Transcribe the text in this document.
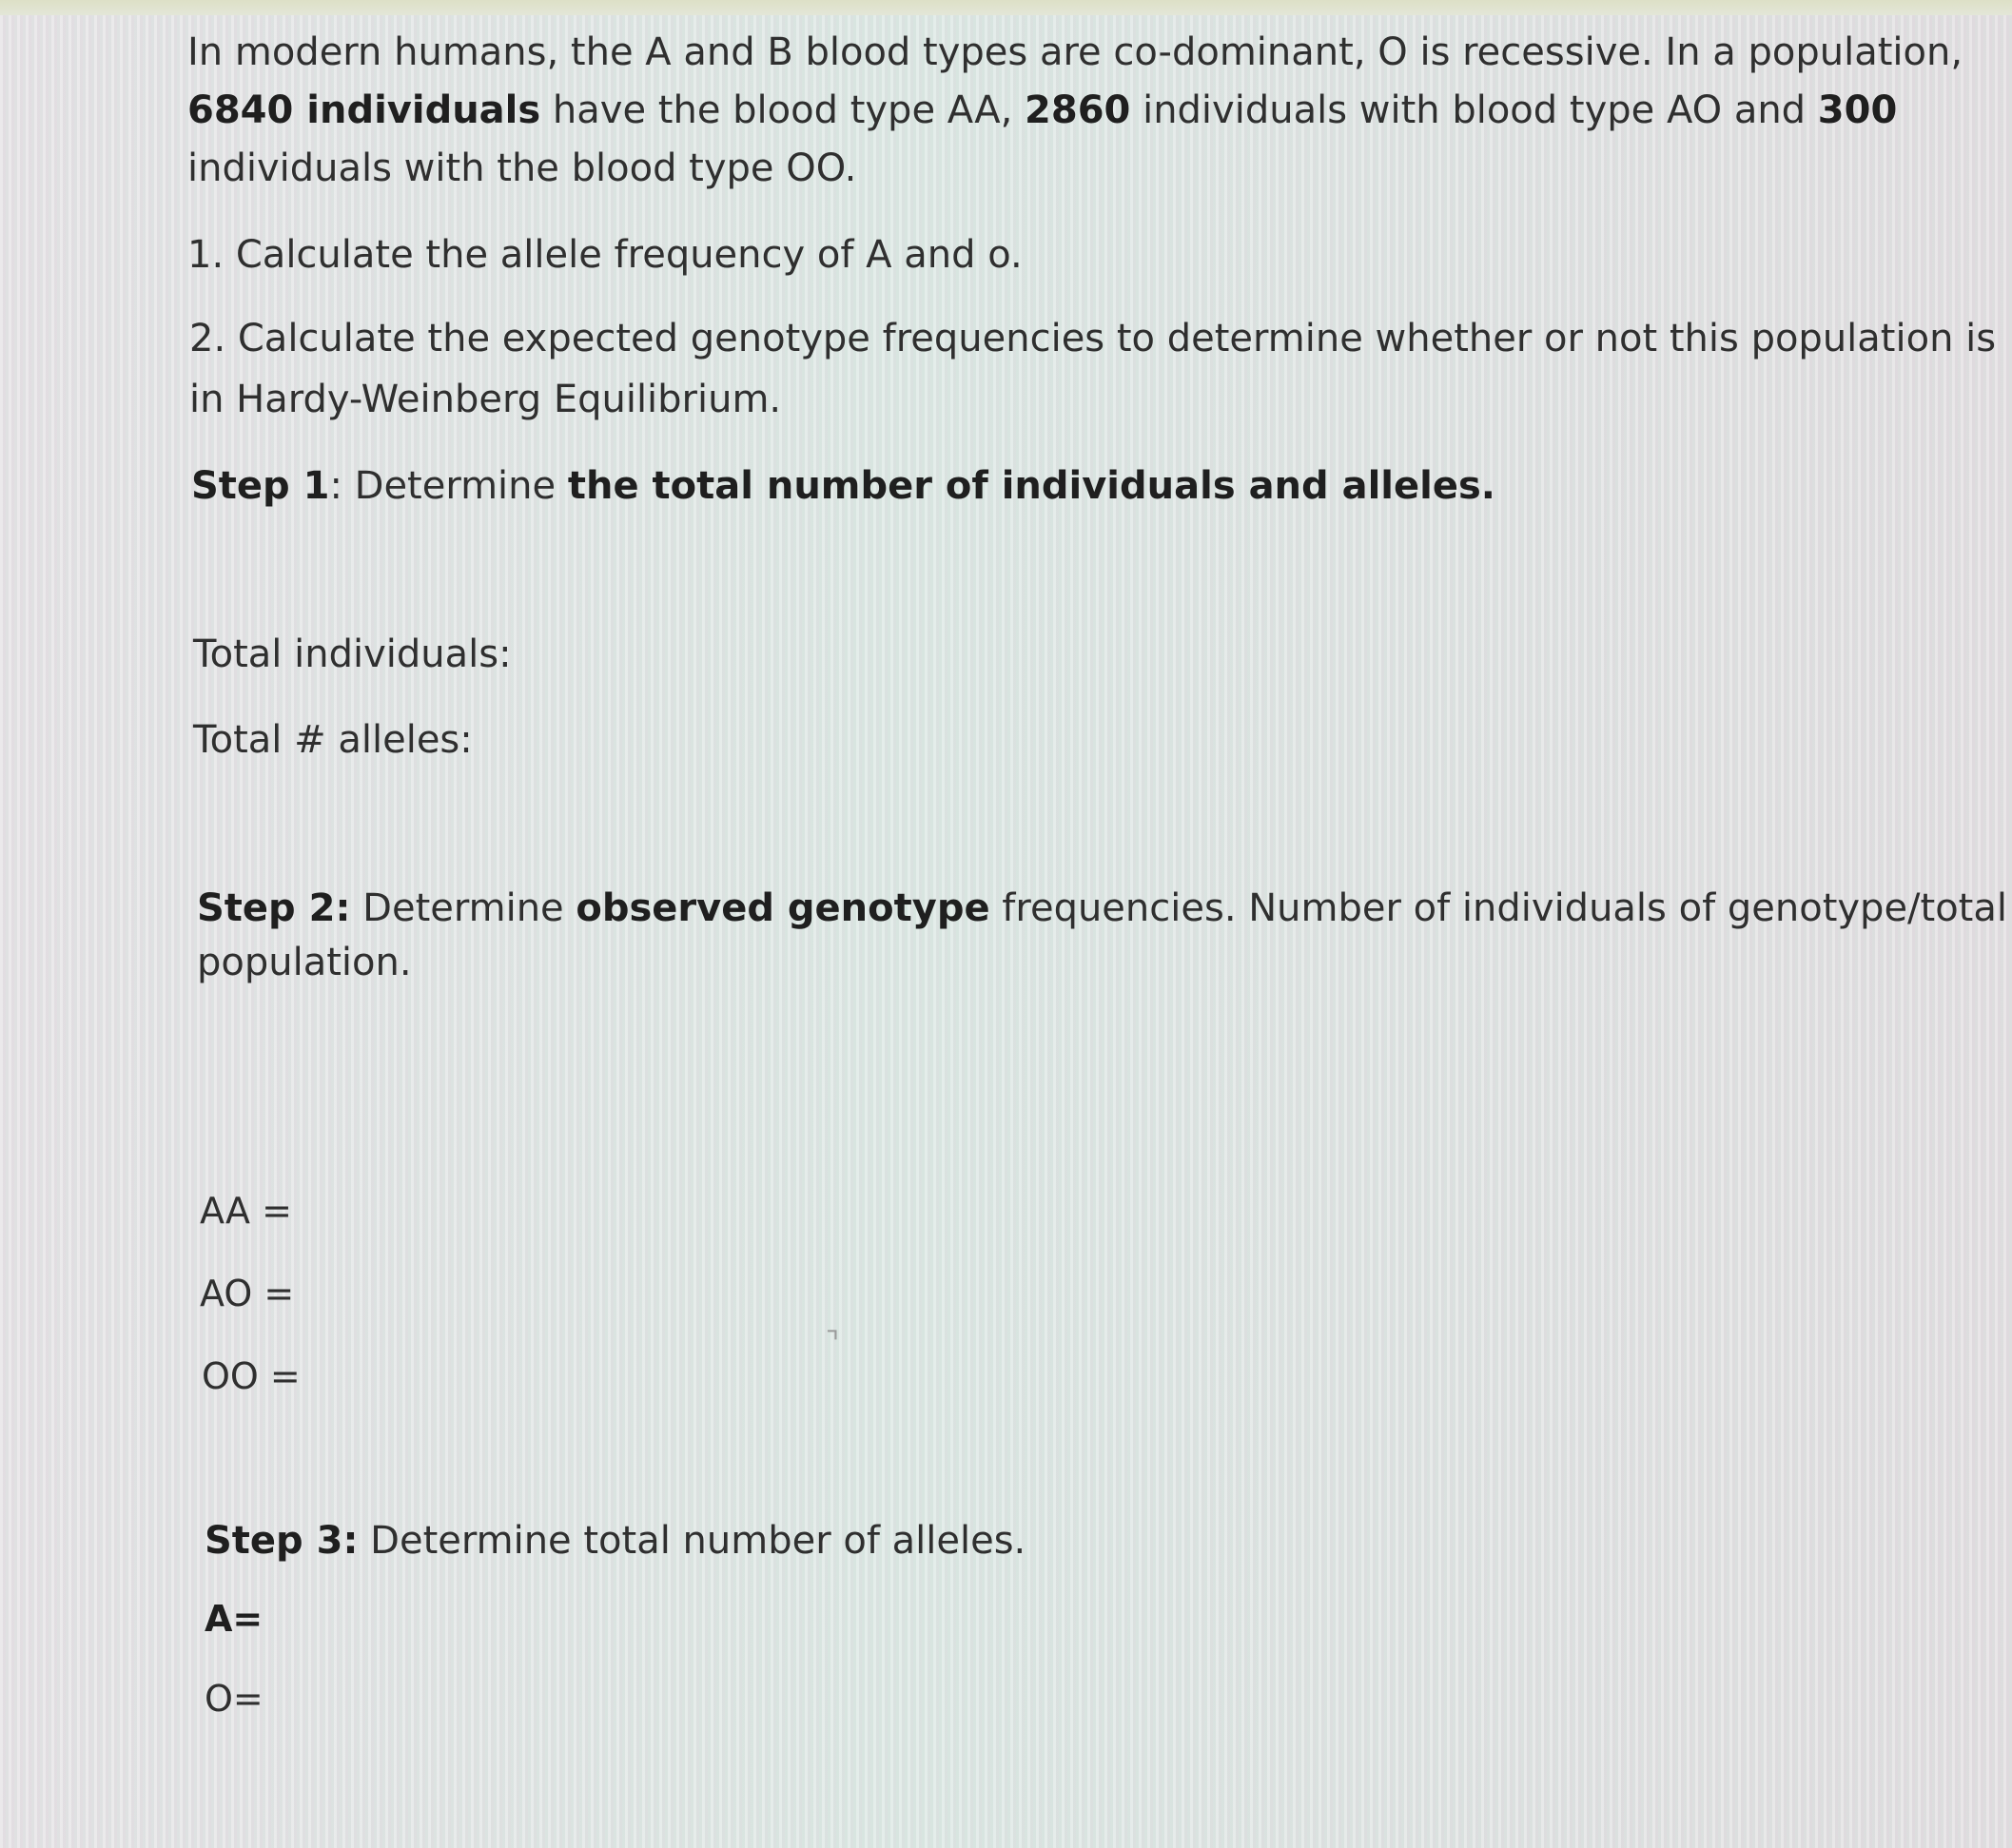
In modern humans, the A and B blood types are co-dominant, O is recessive. In a population,

6840 individuals have the blood type AA, 2860 individuals with blood type AO and 300

individuals with the blood type OO.

1. Calculate the allele frequency of A and o.

2. Calculate the expected genotype frequencies to determine whether or not this population is

in Hardy-Weinberg Equilibrium.

Step 1: Determine the total number of individuals and alleles.

Total individuals:

Total # alleles:

Step 2: Determine observed genotype frequencies. Number of individuals of genotype/total

population.

AA =

AO =

OO =

⌝

Step 3: Determine total number of alleles.

A=

O=
